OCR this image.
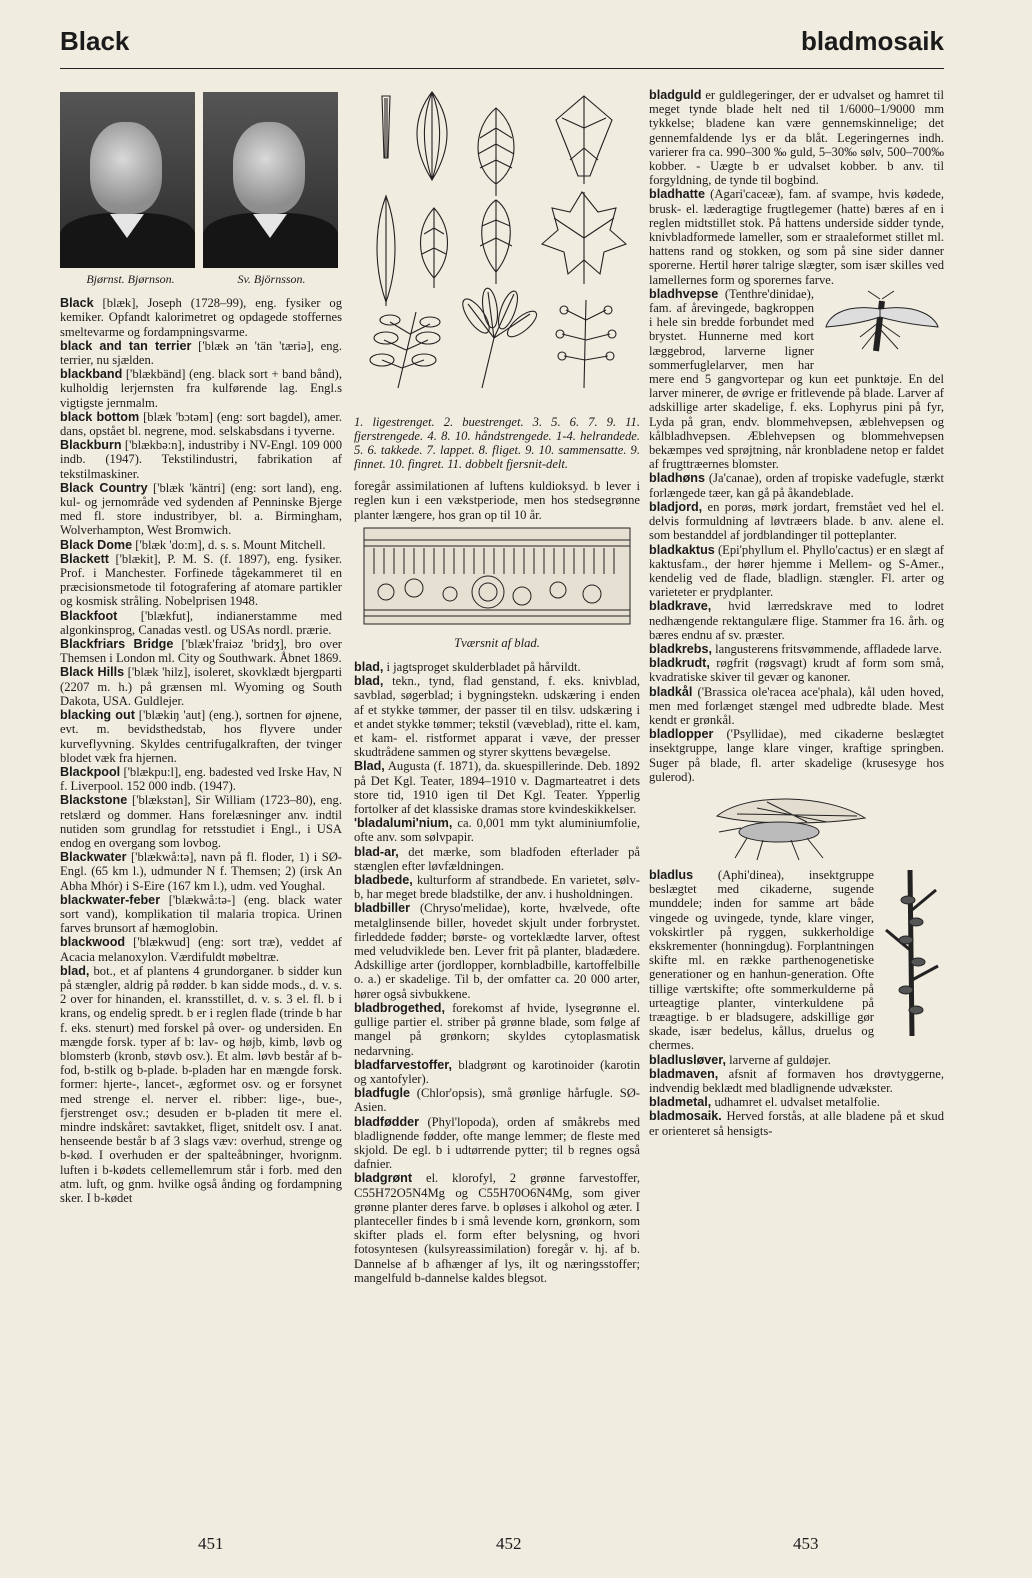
Black	bladmosaik
Bjørnst. Bjørnson.	Sv. Björnsson.

Black [blæk], Joseph (1728–99), eng. fysiker og kemiker. Opfandt kalorimetret og opdagede stoffernes smeltevarme og fordampningsvarme.

black and tan terrier ['blæk ən 'tän 'tæriə], eng. terrier, nu sjælden.

blackband ['blækbänd] (eng. black sort + band bånd), kulholdig lerjernsten fra kulførende lag. Engl.s vigtigste jernmalm.

black bottom [blæk 'bɔtəm] (eng: sort bagdel), amer. dans, opstået bl. negrene, mod. selskabsdans i tyverne.

Blackburn ['blækbə:n], industriby i NV-Engl. 109 000 indb. (1947). Tekstilindustri, fabrikation af tekstilmaskiner.

Black Country ['blæk 'käntri] (eng: sort land), eng. kul- og jernområde ved sydenden af Penninske Bjerge med fl. store industribyer, bl. a. Birmingham, Wolverhampton, West Bromwich.

Black Dome ['blæk 'do:m], d. s. s. Mount Mitchell.

Blackett ['blækit], P. M. S. (f. 1897), eng. fysiker. Prof. i Manchester. Forfinede tågekammeret til en præcisionsmetode til fotografering af atomare partikler og kosmisk stråling. Nobelprisen 1948.

Blackfoot ['blækfut], indianerstamme med algonkinsprog, Canadas vestl. og USAs nordl. prærie.

Blackfriars Bridge ['blæk'fraiəz 'bridʒ], bro over Themsen i London ml. City og Southwark. Åbnet 1869.

Black Hills ['blæk 'hilz], isoleret, skovklædt bjergparti (2207 m. h.) på grænsen ml. Wyoming og South Dakota, USA. Guldlejer.

blacking out ['blækiŋ 'aut] (eng.), sortnen for øjnene, evt. m. bevidsthedstab, hos flyvere under kurveflyvning. Skyldes centrifugalkraften, der tvinger blodet væk fra hjernen.

Blackpool ['blækpu:l], eng. badested ved Irske Hav, N f. Liverpool. 152 000 indb. (1947).

Blackstone ['blækstən], Sir William (1723–80), eng. retslærd og dommer. Hans forelæsninger anv. indtil nutiden som grundlag for retsstudiet i Engl., i USA endog en overgang som lovbog.

Blackwater ['blækwå:tə], navn på fl. floder, 1) i SØ-Engl. (65 km l.), udmunder N f. Themsen; 2) (irsk An Abha Mhór) i S-Eire (167 km l.), udm. ved Youghal.

blackwater-feber ['blækwå:tə-] (eng. black water sort vand), komplikation til malaria tropica. Urinen farves brunsort af hæmoglobin.

blackwood ['blækwud] (eng: sort træ), veddet af Acacia melanoxylon. Værdifuldt møbeltræ.

blad, bot., et af plantens 4 grundorganer. b sidder kun på stængler, aldrig på rødder. b kan sidde mods., d. v. s. 2 over for hinanden, el. kransstillet, d. v. s. 3 el. fl. b i krans, og endelig spredt. b er i reglen flade (trinde b har f. eks. stenurt) med forskel på over- og undersiden. En mængde forsk. typer af b: lav- og højb, kimb, løvb og blomsterb (kronb, støvb osv.). Et alm. løvb består af b-fod, b-stilk og b-plade. b-pladen har en mængde forsk. former: hjerte-, lancet-, ægformet osv. og er forsynet med strenge el. nerver el. ribber: lige-, bue-, fjerstrenget osv.; desuden er b-pladen tit mere el. mindre indskåret: savtakket, fliget, snitdelt osv. I anat. henseende består b af 3 slags væv: overhud, strenge og b-kød. I overhuden er der spalteåbninger, hvorignm. luften i b-kødets cellemellemrum står i forb. med den atm. luft, og gnm. hvilke også ånding og fordampning sker. I b-kødet

1. ligestrenget. 2. buestrenget. 3. 5. 6. 7. 9. 11. fjerstrengede. 4. 8. 10. håndstrengede. 1-4. helrandede. 5. 6. takkede. 7. lappet. 8. fliget. 9. 10. sammensatte. 9. finnet. 10. fingret. 11. dobbelt fjersnit-delt.

foregår assimilationen af luftens kuldioksyd. b lever i reglen kun i een vækstperiode, men hos stedsegrønne planter længere, hos gran op til 10 år.

Tværsnit af blad.

blad, i jagtsproget skulderbladet på hårvildt.

blad, tekn., tynd, flad genstand, f. eks. knivblad, savblad, søgerblad; i bygningstekn. udskæring i enden af et stykke tømmer, der passer til en tilsv. udskæring i et andet stykke tømmer; tekstil (væveblad), ritte el. kam, et kam- el. ristformet apparat i væve, der presser skudtrådene sammen og styrer skyttens bevægelse.

Blad, Augusta (f. 1871), da. skuespillerinde. Deb. 1892 på Det Kgl. Teater, 1894–1910 v. Dagmarteatret i dets store tid, 1910 igen til Det Kgl. Teater. Ypperlig fortolker af det klassiske dramas store kvindeskikkelser.

'bladalumi'nium, ca. 0,001 mm tykt aluminiumfolie, ofte anv. som sølvpapir.

blad-ar, det mærke, som bladfoden efterlader på stænglen efter løvfældningen.

bladbede, kulturform af strandbede. En varietet, sølv-b, har meget brede bladstilke, der anv. i husholdningen.

bladbiller (Chryso'melidae), korte, hvælvede, ofte metalglinsende biller, hovedet skjult under forbrystet. firleddede fødder; børste- og vorteklædte larver, oftest med veludviklede ben. Lever frit på planter, bladædere. Adskillige arter (jordlopper, kornbladbille, kartoffelbille o. a.) er skadelige. Til b, der omfatter ca. 20 000 arter, hører også sivbukkene.

bladbrogethed, forekomst af hvide, lysegrønne el. gullige partier el. striber på grønne blade, som følge af mangel på grønkorn; skyldes cytoplasmatisk nedarvning.

bladfarvestoffer, bladgrønt og karotinoider (karotin og xantofyler).

bladfugle (Chlor'opsis), små grønlige hårfugle. SØ-Asien.

bladfødder (Phyl'lopoda), orden af småkrebs med bladlignende fødder, ofte mange lemmer; de fleste med skjold. De egl. b i udtørrende pytter; til b regnes også dafnier.

bladgrønt el. klorofyl, 2 grønne farvestoffer, C55H72O5N4Mg og C55H70O6N4Mg, som giver grønne planter deres farve. b opløses i alkohol og æter. I planteceller findes b i små levende korn, grønkorn, som skifter plads el. form efter belysning, og hvori fotosyntesen (kulsyreassimilation) foregår v. hj. af b. Dannelse af b afhænger af lys, ilt og næringsstoffer; mangelfuld b-dannelse kaldes blegsot.

bladguld er guldlegeringer, der er udvalset og hamret til meget tynde blade helt ned til 1/6000–1/9000 mm tykkelse; bladene kan være gennemskinnelige; det gennemfaldende lys er da blåt. Legeringernes indh. varierer fra ca. 990–300 ‰ guld, 5–30‰ sølv, 500–700‰ kobber. - Uægte b er udvalset kobber. b anv. til forgyldning, de tynde til bogbind.

bladhatte (Agari'caceæ), fam. af svampe, hvis kødede, brusk- el. læderagtige frugtlegemer (hatte) bæres af en i reglen midtstillet stok. På hattens underside sidder tynde, knivbladformede lameller, som er straaleformet stillet ml. hattens rand og stokken, og som på sine sider danner sporerne. Hertil hører talrige slægter, som især skilles ved lamellernes form og sporernes farve.

bladhvepse (Tenthre'dinidae), fam. af årevingede, bagkroppen i hele sin bredde forbundet med brystet. Hunnerne med kort læggebrod, larverne ligner sommerfuglelarver, men har mere end 5 gangvortepar og kun eet punktøje. En del larver minerer, de øvrige er fritlevende på blade. Larver af adskillige arter skadelige, f. eks. Lophyrus pini på fyr, Lyda på gran, endv. blommehvepsen, æblehvepsen og kålbladhvepsen. Æblehvepsen og blommehvepsen bekæmpes ved sprøjtning, når kronbladene netop er faldet af frugttræernes blomster.

bladhøns (Ja'canae), orden af tropiske vadefugle, stærkt forlængede tæer, kan gå på åkandeblade.

bladjord, en porøs, mørk jordart, fremstået ved hel el. delvis formuldning af løvtræers blade. b anv. alene el. som bestanddel af jordblandinger til potteplanter.

bladkaktus (Epi'phyllum el. Phyllo'cactus) er en slægt af kaktusfam., der hører hjemme i Mellem- og S-Amer., kendelig ved de flade, bladlign. stængler. Fl. arter og varieteter er prydplanter.

bladkrave, hvid lærredskrave med to lodret nedhængende rektangulære flige. Stammer fra 16. årh. og bæres endnu af sv. præster.

bladkrebs, langusterens fritsvømmende, affladede larve.

bladkrudt, røgfrit (røgsvagt) krudt af form som små, kvadratiske skiver til gevær og kanoner.

bladkål ('Brassica ole'racea ace'phala), kål uden hoved, men med forlænget stængel med udbredte blade. Mest kendt er grønkål.

bladlopper ('Psyllidae), med cikaderne beslægtet insektgruppe, lange klare vinger, kraftige springben. Suger på blade, fl. arter skadelige (krusesyge hos gulerod).

bladlus (Aphi'dinea), insektgruppe beslægtet med cikaderne, sugende munddele; inden for samme art både vingede og uvingede, tynde, klare vinger, vokskirtler på ryggen, sukkerholdige ekskrementer (honningdug). Forplantningen skifte ml. en række parthenogenetiske generationer og en hanhun-generation. Ofte tillige værtskifte; ofte sommerkulderne på urteagtige planter, vinterkuldene på træagtige. b er bladsugere, adskillige gør skade, især bedelus, kållus, druelus og chermes.

bladlusløver, larverne af guldøjer.

bladmaven, afsnit af formaven hos drøvtyggerne, indvendig beklædt med bladlignende udvækster.

bladmetal, udhamret el. udvalset metalfolie.

bladmosaik. Herved forstås, at alle bladene på et skud er orienteret så hensigts-

451	452	453
